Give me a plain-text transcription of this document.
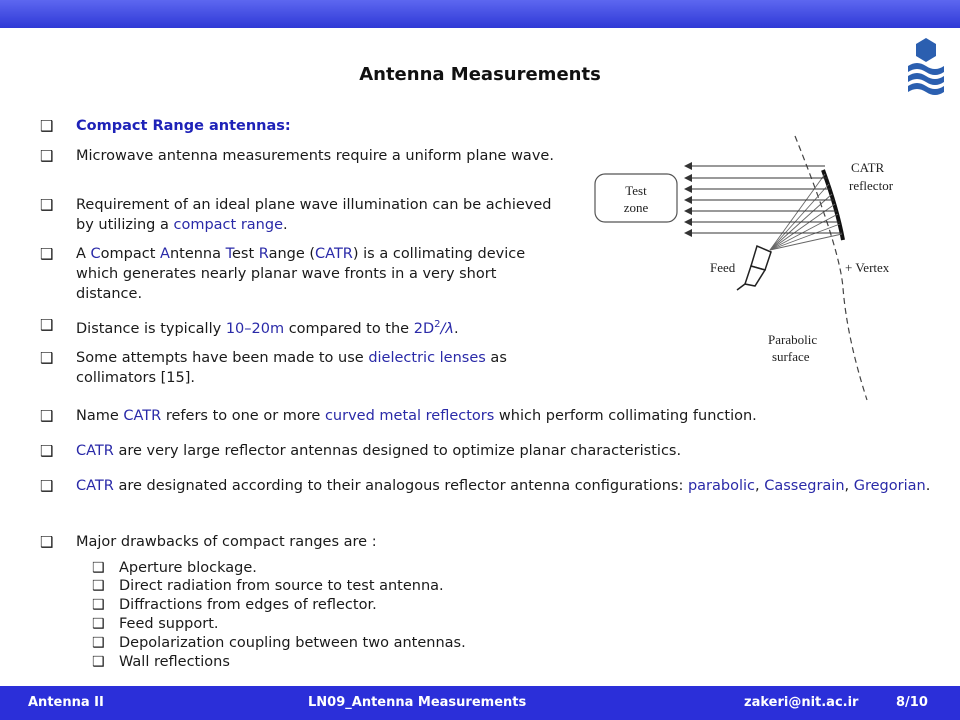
Antenna Measurements
❑	Compact Range antennas:
❑	Microwave antenna measurements require a uniform plane wave.
❑	Requirement of an ideal plane wave illumination can be achieved by utilizing a compact range.
❑	A Compact Antenna Test Range (CATR) is a collimating device which generates nearly planar wave fronts in a very short distance.
❑	Distance is typically 10–20m compared to the $2D^2/\lambda$.
❑	Some attempts have been made to use dielectric lenses as collimators [15].
Test
zone
Feed	+ Vertex
CATR
reflector
Parabolic
surface
❑	Name CATR refers to one or more curved metal reflectors which perform collimating function.
❑	CATR are very large reflector antennas designed to optimize planar characteristics.
❑	CATR are designated according to their analogous reflector antenna configurations: parabolic, Cassegrain, Gregorian.
❑	Major drawbacks of compact ranges are :
❑ Aperture blockage.
❑ Direct radiation from source to test antenna.
❑ Diffractions from edges of reflector.
❑ Feed support.
❑ Depolarization coupling between two antennas.
❑ Wall reflections
Antenna II	LN09_Antenna Measurements	zakeri@nit.ac.ir	8/10
